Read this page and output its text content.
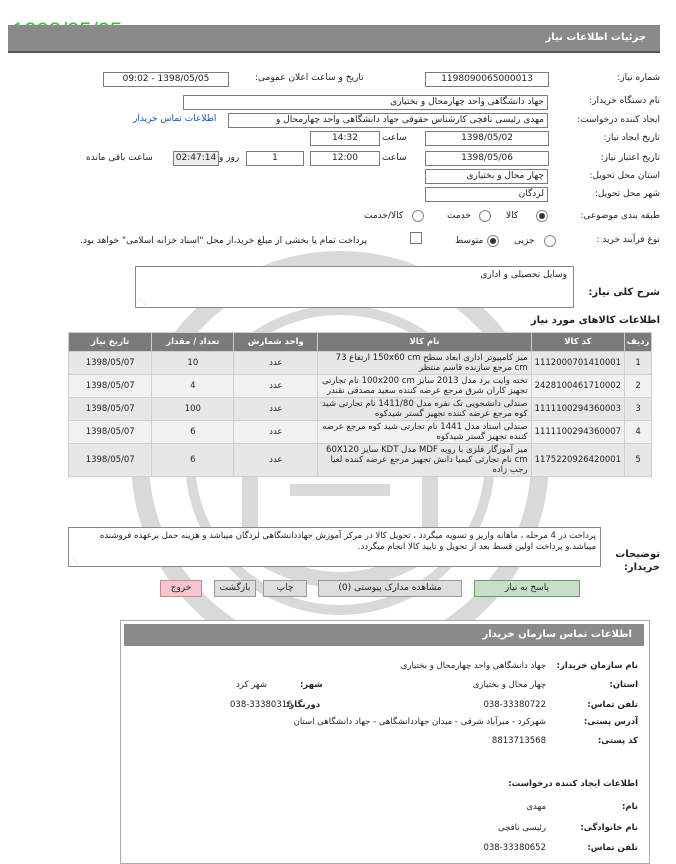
جزئیات اطلاعات نیاز
شماره نیاز:
1198090065000013
تاریخ و ساعت اعلان عمومی:
1398/05/05 - 09:02
نام دستگاه خریدار:
جهاد دانشگاهی واحد چهارمحال و بختیاری
ایجاد کننده درخواست:
مهدی رئیسی نافچی کارشناس حقوقی جهاد دانشگاهی واحد چهارمحال و
اطلاعات تماس خریدار
تاریخ ایجاد نیاز:
1398/05/02
ساعت
14:32
تاریخ اعتبار نیاز:
1398/05/06
ساعت
12:00
1
روز و
02:47:14
ساعت باقی مانده
استان محل تحویل:
چهار محال و بختیاری
شهر محل تحویل:
لردگان
طبقه بندی موضوعی:
کالا
خدمت
کالا/خدمت
نوع فرآیند خرید :
جزیی
متوسط
پرداخت تمام یا بخشی از مبلغ خرید،از محل "اسناد خزانه اسلامی" خواهد بود.
شرح کلی نیاز:
وسایل تحصیلی و اداری
⋰
اطلاعات کالاهای مورد نیاز
ردیف	کد کالا	نام کالا	واحد شمارش	تعداد / مقدار	تاریخ نیاز
1	1112000701410001	میز کامپیوتر اداری ابعاد سطح 150x60 cm ارتفاع 73 cm مرجع سازنده قاسم منتظر	عدد	10	1398/05/07
2	2428100461710002	تخته وایت برد مدل 2013 سایز 100x200 cm نام تجارتی تجهیز کاران شرق مرجع عرضه کننده سعید مصدقی نقندر	عدد	4	1398/05/07
3	1111100294360003	صندلی دانشجویی تک نفره مدل 1411/80 نام تجارتی شید کوه مرجع عرضه کننده تجهیز گستر شیدکوه	عدد	100	1398/05/07
4	1111100294360007	صندلی استاد مدل 1441 نام تجارتی شید کوه مرجع عرضه کننده تجهیز گستر شیدکوه	عدد	6	1398/05/07
5	1175220926420001	میز آموزگار فلزی با رویه MDF مدل KDT سایز 60X120 cm نام تجارتی کیمیا دانش تجهیز مرجع عرضه کننده لعیا رجب زاده	عدد	6	1398/05/07
توضیحات خریدار:
پرداخت در 4 مرحله ، ماهانه واریز و تسویه میگردد ، تحویل کالا در مرکز آموزش جهاددانشگاهی لردگان میباشد و هزینه حمل برعهده فروشنده میباشد.و پرداخت اولین قسط بعد از تحویل و تایید کالا انجام میگردد.
⋰
پاسخ به نیاز
مشاهده مدارک پیوستی (0)
چاپ
بازگشت
خروج
اطلاعات تماس سازمان خریدار
نام سازمان خریدار:
جهاد دانشگاهی واحد چهارمحال و بختیاری
استان:
چهار محال و بختیاری
شهر:
شهر کرد
تلفن تماس:
038-33380722
دورنگار:
038-33380316
آدرس پستی:
شهرکرد - میرآباد شرقی - میدان جهاددانشگاهی - جهاد دانشگاهی استان
کد پستی:
8813713568
اطلاعات ایجاد کننده درخواست:
نام:
مهدی
نام خانوادگی:
رئیسی نافچی
تلفن تماس:
038-33380652
